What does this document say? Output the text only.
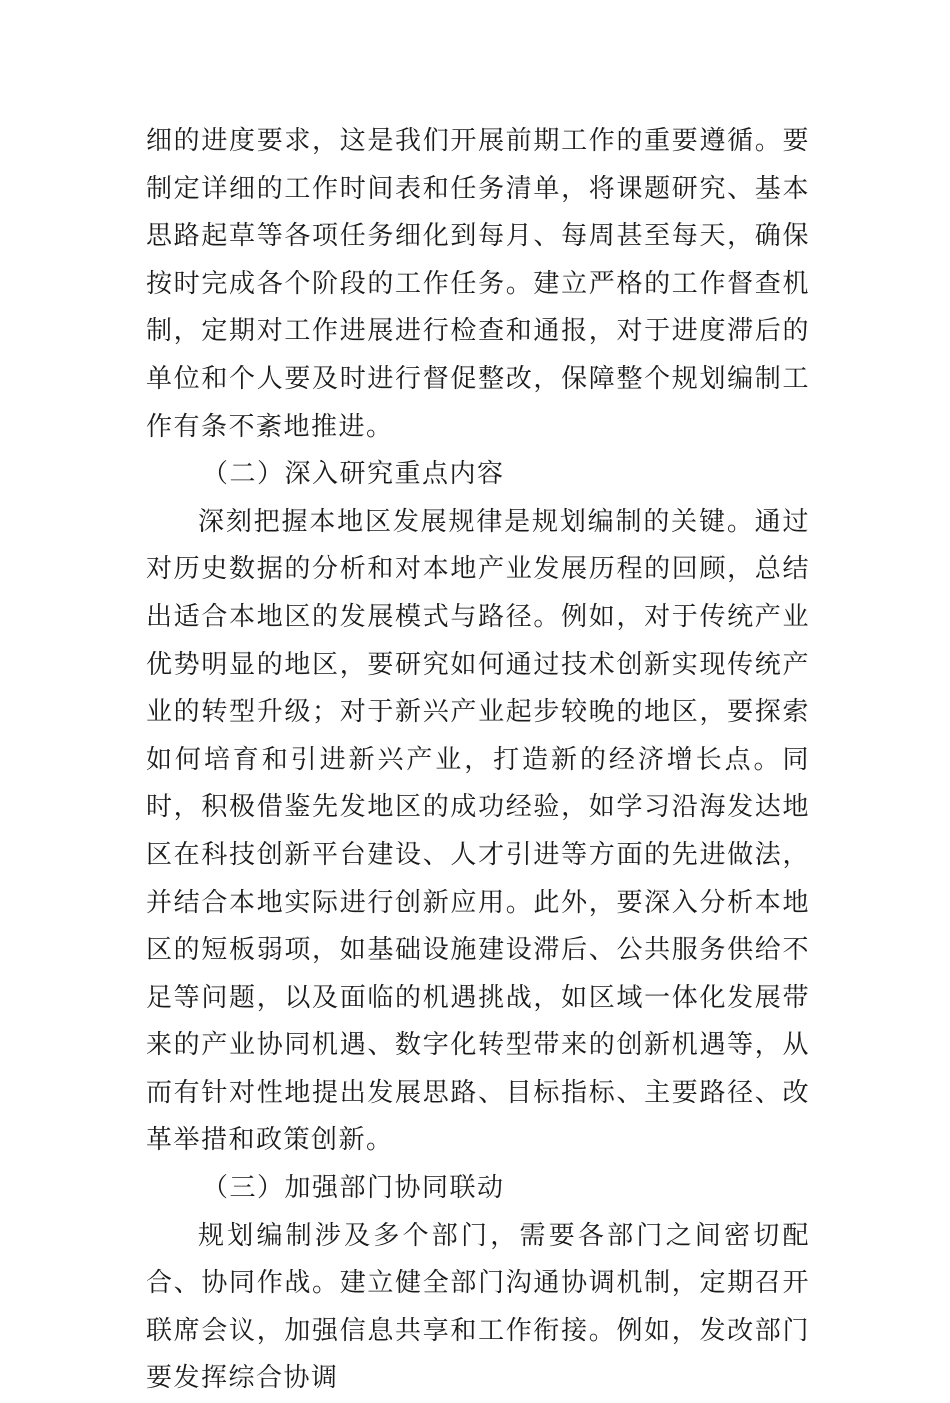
细的进度要求，这是我们开展前期工作的重要遵循。要制定详细的工作时间表和任务清单，将课题研究、基本思路起草等各项任务细化到每月、每周甚至每天，确保按时完成各个阶段的工作任务。建立严格的工作督查机制，定期对工作进展进行检查和通报，对于进度滞后的单位和个人要及时进行督促整改，保障整个规划编制工作有条不紊地推进。

（二）深入研究重点内容

深刻把握本地区发展规律是规划编制的关键。通过对历史数据的分析和对本地产业发展历程的回顾，总结出适合本地区的发展模式与路径。例如，对于传统产业优势明显的地区，要研究如何通过技术创新实现传统产业的转型升级；对于新兴产业起步较晚的地区，要探索如何培育和引进新兴产业，打造新的经济增长点。同时，积极借鉴先发地区的成功经验，如学习沿海发达地区在科技创新平台建设、人才引进等方面的先进做法，并结合本地实际进行创新应用。此外，要深入分析本地区的短板弱项，如基础设施建设滞后、公共服务供给不足等问题，以及面临的机遇挑战，如区域一体化发展带来的产业协同机遇、数字化转型带来的创新机遇等，从而有针对性地提出发展思路、目标指标、主要路径、改革举措和政策创新。

（三）加强部门协同联动

规划编制涉及多个部门，需要各部门之间密切配合、协同作战。建立健全部门沟通协调机制，定期召开联席会议，加强信息共享和工作衔接。例如，发改部门要发挥综合协调
